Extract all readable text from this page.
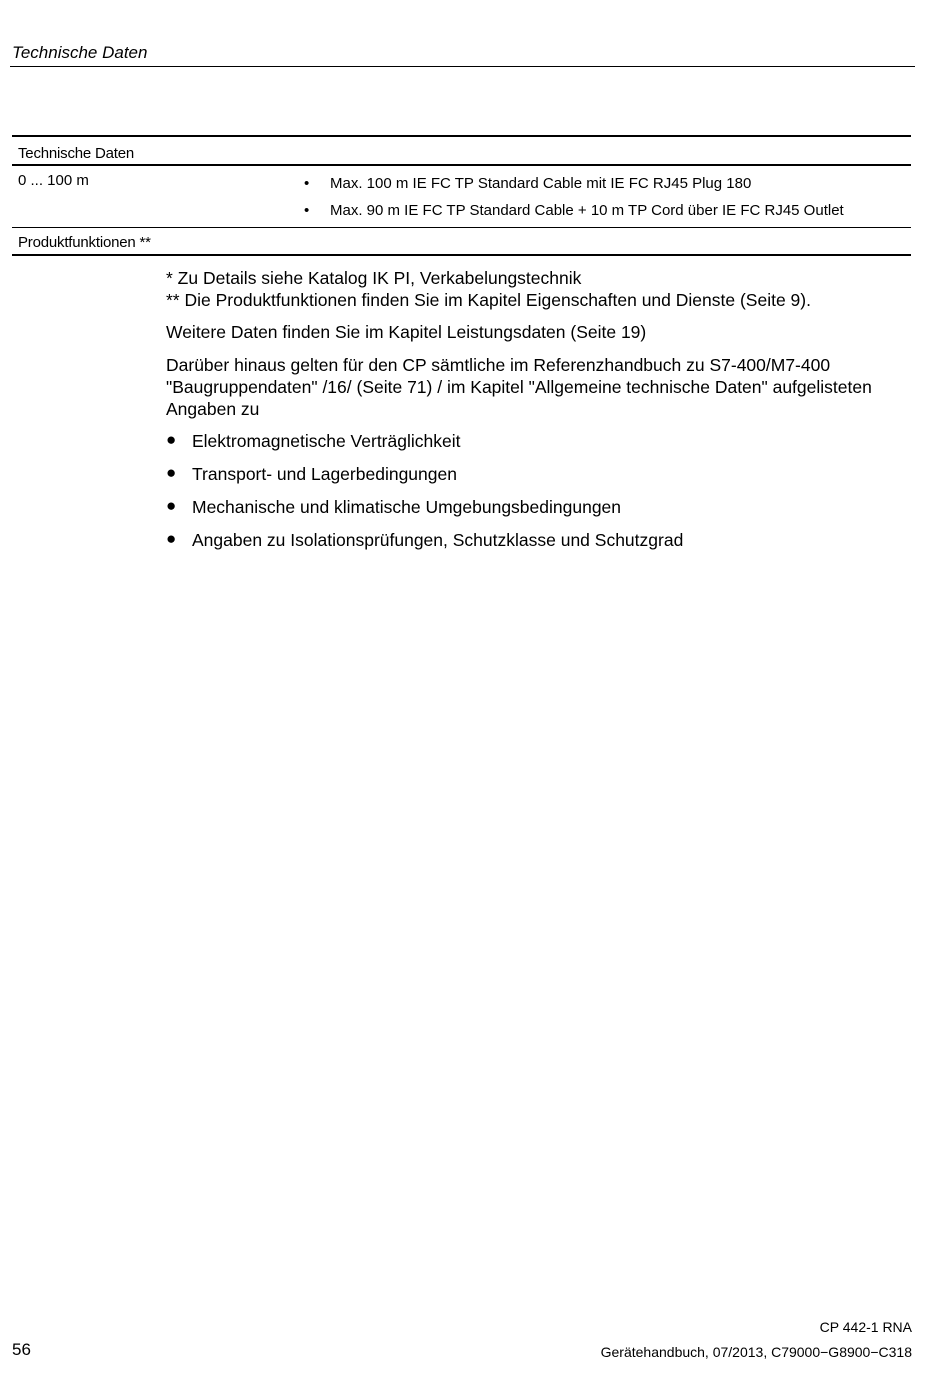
Technische Daten
Technische Daten
0 ... 100 m	• Max. 100 m IE FC TP Standard Cable mit IE FC RJ45 Plug 180
• Max. 90 m IE FC TP Standard Cable + 10 m TP Cord über IE FC RJ45 Outlet
Produktfunktionen **
* Zu Details siehe Katalog IK PI, Verkabelungstechnik
** Die Produktfunktionen finden Sie im Kapitel Eigenschaften und Dienste (Seite 9).
Weitere Daten finden Sie im Kapitel Leistungsdaten (Seite 19)
Darüber hinaus gelten für den CP sämtliche im Referenzhandbuch zu S7-400/M7-400 "Baugruppendaten" /16/ (Seite 71) / im Kapitel "Allgemeine technische Daten" aufgelisteten Angaben zu
● Elektromagnetische Verträglichkeit
● Transport- und Lagerbedingungen
● Mechanische und klimatische Umgebungsbedingungen
● Angaben zu Isolationsprüfungen, Schutzklasse und Schutzgrad
CP 442-1 RNA
Gerätehandbuch, 07/2013, C79000−G8900−C318
56
